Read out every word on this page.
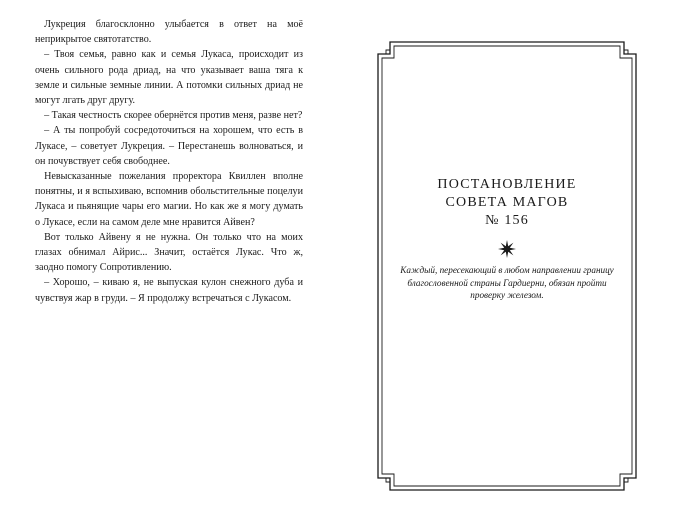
Лукреция благосклонно улыбается в ответ на моё неприкрытое святотатство.

– Твоя семья, равно как и семья Лукаса, происходит из очень сильного рода дриад, на что указывает ваша тяга к земле и сильные земные линии. А потомки сильных дриад не могут лгать друг другу.

– Такая честность скорее обернётся против меня, разве нет?

– А ты попробуй сосредоточиться на хорошем, что есть в Лукасе, – советует Лукреция. – Перестанешь волноваться, и он почувствует себя свободнее.

Невысказанные пожелания проректора Квиллен вполне понятны, и я вспыхиваю, вспомнив обольстительные поцелуи Лукаса и пьянящие чары его магии. Но как же я могу думать о Лукасе, если на самом деле мне нравится Айвен?

Вот только Айвену я не нужна. Он только что на моих глазах обнимал Айрис... Значит, остаётся Лукас. Что ж, заодно помогу Сопротивлению.

– Хорошо, – киваю я, не выпуская кулон снежного дуба и чувствуя жар в груди. – Я продолжу встречаться с Лукасом.

ПОСТАНОВЛЕНИЕ
СОВЕТА МАГОВ
№ 156
Каждый, пересекающий в любом направлении границу благословенной страны Гардиерни, обязан пройти проверку железом.
